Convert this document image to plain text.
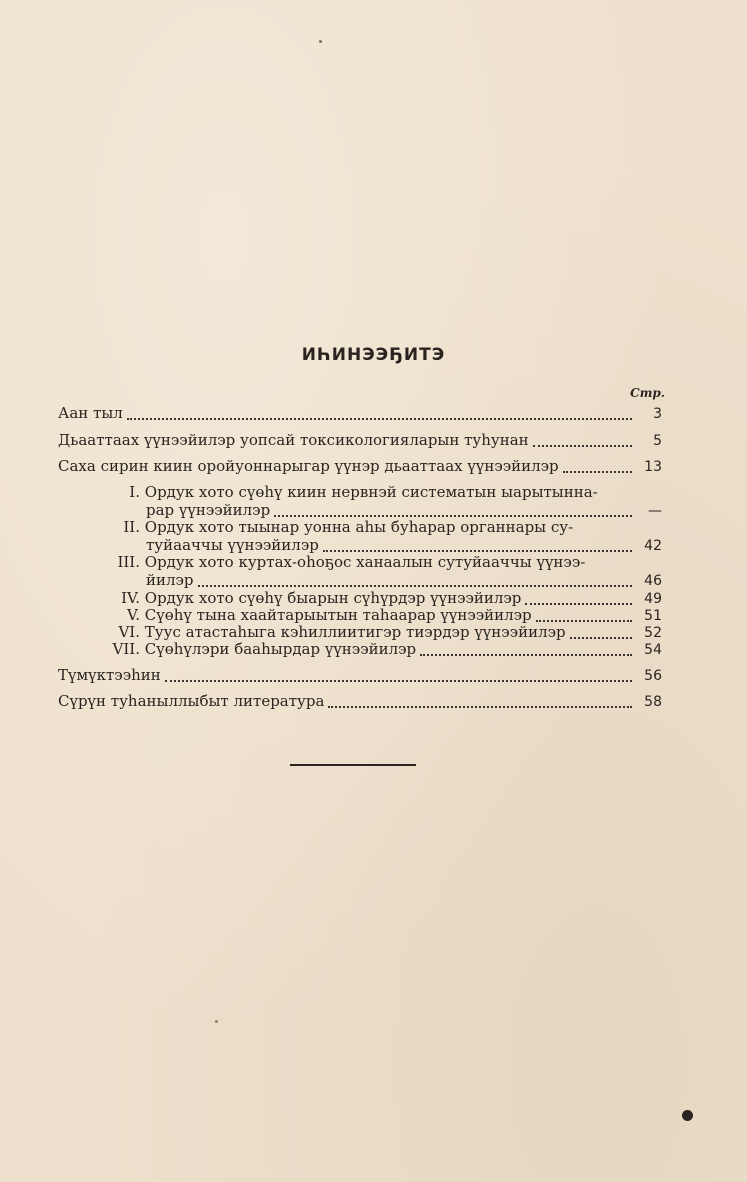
ИҺИНЭЭҔИТЭ
Стр.
Аан тыл	3
Дьааттаах үүнээйилэр уопсай токсикологияларын туһунан	5
Саха сирин киин оройуоннарыгар үүнэр дьааттаах үүнээйилэр	13
I. Ордук хото сүөһү киин нервнэй систематын ыарытынна-
рар үүнээйилэр	—
II. Ордук хото тыынар уонна аһы буһарар органнары су-
туйааччы үүнээйилэр	42
III. Ордук хото куртах-оһоҕос ханаалын сутуйааччы үүнээ-
йилэр	46
IV. Ордук хото сүөһү быарын сүһүрдэр үүнээйилэр	49
V. Сүөһү тына хаайтарыытын таһаарар үүнээйилэр	51
VI. Туус атастаһыга кэһиллиитигэр тиэрдэр үүнээйилэр	52
VII. Сүөһүлэри бааһырдар үүнээйилэр	54
Түмүктээһин	56
Сүрүн туһаныллыбыт литература	58
